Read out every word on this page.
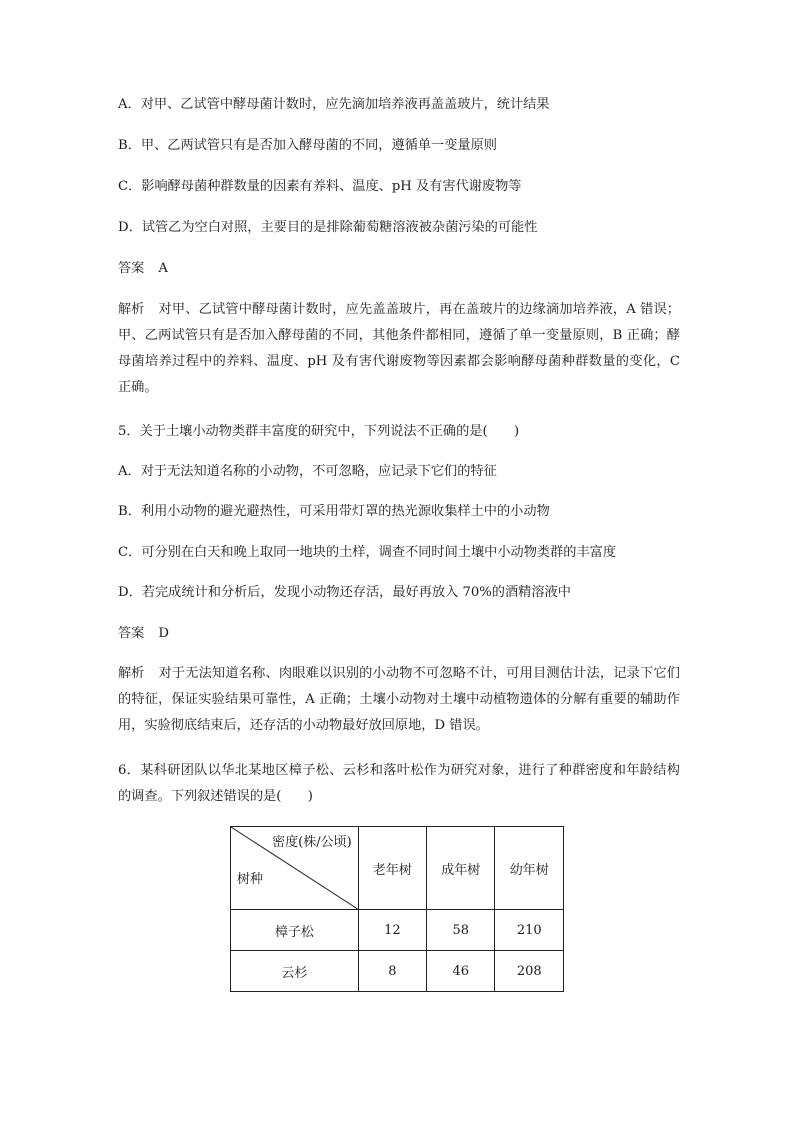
A．对甲、乙试管中酵母菌计数时，应先滴加培养液再盖盖玻片，统计结果
B．甲、乙两试管只有是否加入酵母菌的不同，遵循单一变量原则
C．影响酵母菌种群数量的因素有养料、温度、pH 及有害代谢废物等
D．试管乙为空白对照，主要目的是排除葡萄糖溶液被杂菌污染的可能性
答案 A
解析 对甲、乙试管中酵母菌计数时，应先盖盖玻片，再在盖玻片的边缘滴加培养液，A 错误；甲、乙两试管只有是否加入酵母菌的不同，其他条件都相同，遵循了单一变量原则，B 正确；酵母菌培养过程中的养料、温度、pH 及有害代谢废物等因素都会影响酵母菌种群数量的变化，C 正确。
5．关于土壤小动物类群丰富度的研究中，下列说法不正确的是(　　)
A．对于无法知道名称的小动物，不可忽略，应记录下它们的特征
B．利用小动物的避光避热性，可采用带灯罩的热光源收集样土中的小动物
C．可分别在白天和晚上取同一地块的土样，调查不同时间土壤中小动物类群的丰富度
D．若完成统计和分析后，发现小动物还存活，最好再放入 70%的酒精溶液中
答案 D
解析 对于无法知道名称、肉眼难以识别的小动物不可忽略不计，可用目测估计法，记录下它们的特征，保证实验结果可靠性，A 正确；土壤小动物对土壤中动植物遗体的分解有重要的辅助作用，实验彻底结束后，还存活的小动物最好放回原地，D 错误。
6．某科研团队以华北某地区樟子松、云杉和落叶松作为研究对象，进行了种群密度和年龄结构的调查。下列叙述错误的是(　　)
密度(株/公顷)
树种	老年树	成年树	幼年树
樟子松	12	58	210
云杉	8	46	208
